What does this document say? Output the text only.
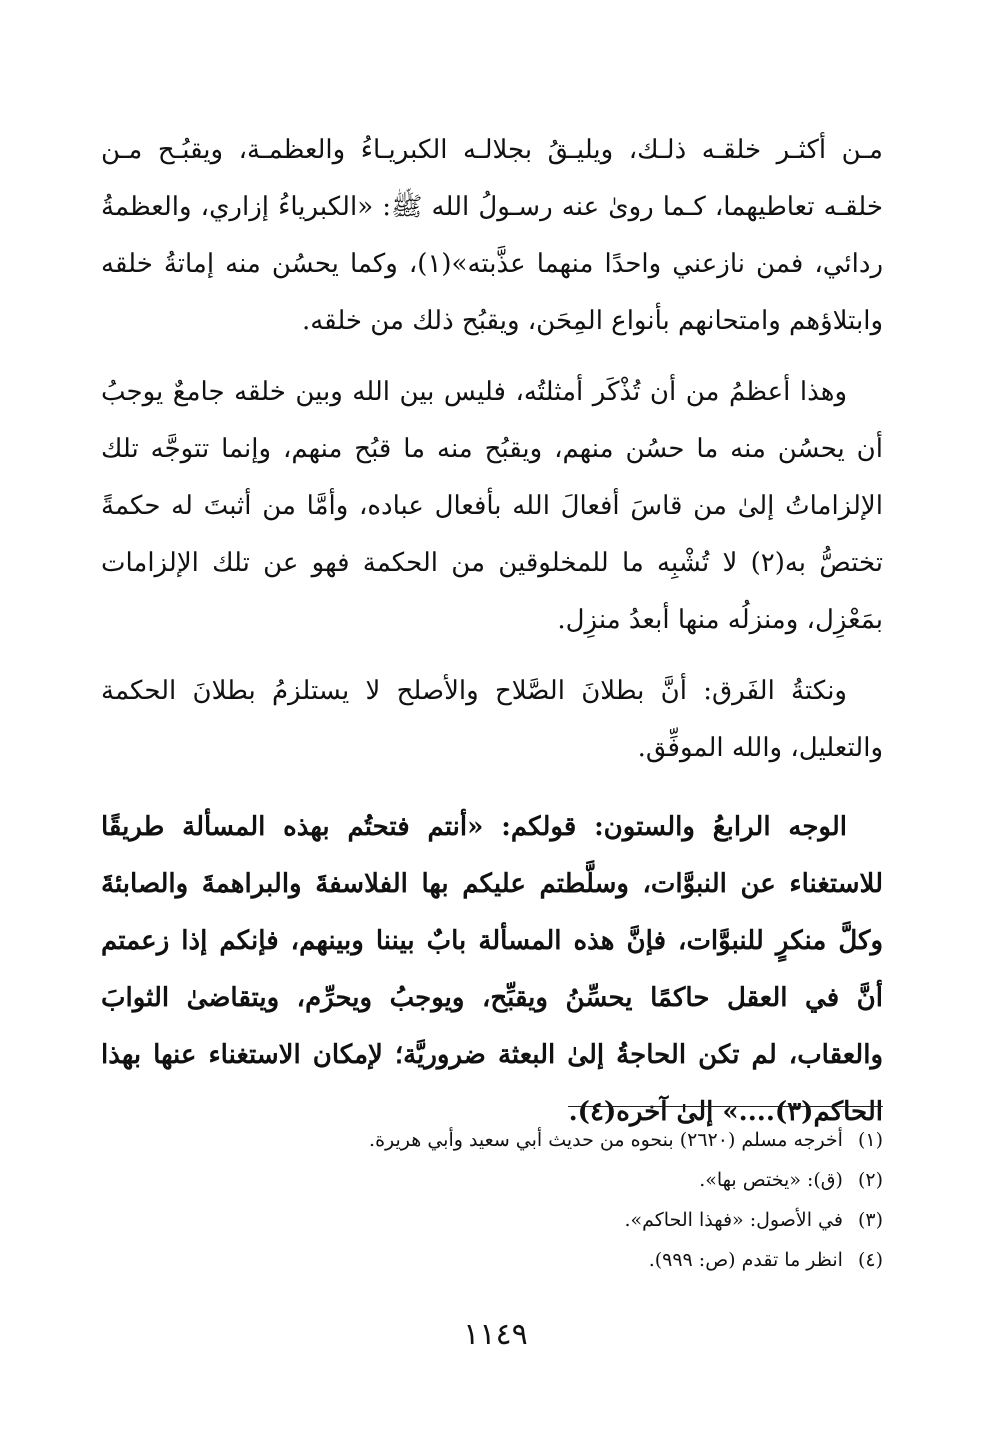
مـن أكثـر خلقـه ذلـك، ويليـقُ بجلالـه الكبريـاءُ والعظمـة، ويقبُـح مـن خلقـه تعاطيهما، كـما روىٰ عنه رسـولُ الله ﷺ: «الكبرياءُ إزاري، والعظمةُ ردائي، فمن نازعني واحدًا منهما عذَّبته»(١)، وكما يحسُن منه إماتةُ خلقه وابتلاؤهم وامتحانهم بأنواع المِحَن، ويقبُح ذلك من خلقه.

وهذا أعظمُ من أن تُذْكَر أمثلتُه، فليس بين الله وبين خلقه جامعٌ يوجبُ أن يحسُن منه ما حسُن منهم، ويقبُح منه ما قبُح منهم، وإنما تتوجَّه تلك الإلزاماتُ إلىٰ من قاسَ أفعالَ الله بأفعال عباده، وأمَّا من أثبتَ له حكمةً تختصُّ به(٢) لا تُشْبِه ما للمخلوقين من الحكمة فهو عن تلك الإلزامات بمَعْزِل، ومنزلُه منها أبعدُ منزِل.

ونكتةُ الفَرق: أنَّ بطلانَ الصَّلاح والأصلح لا يستلزمُ بطلانَ الحكمة والتعليل، والله الموفِّق.

الوجه الرابعُ والستون: قولكم: «أنتم فتحتُم بهذه المسألة طريقًا للاستغناء عن النبوَّات، وسلَّطتم عليكم بها الفلاسفةَ والبراهمةَ والصابئةَ وكلَّ منكرٍ للنبوَّات، فإنَّ هذه المسألة بابٌ بيننا وبينهم، فإنكم إذا زعمتم أنَّ في العقل حاكمًا يحسِّنُ ويقبِّح، ويوجبُ ويحرِّم، ويتقاضىٰ الثوابَ والعقاب، لم تكن الحاجةُ إلىٰ البعثة ضروريَّة؛ لإمكان الاستغناء عنها بهذا الحاكم(٣)....» إلىٰ آخره(٤).

(١) أخرجه مسلم (٢٦٢٠) بنحوه من حديث أبي سعيد وأبي هريرة.

(٢) (ق): «يختص بها».

(٣) في الأصول: «فهذا الحاكم».

(٤) انظر ما تقدم (ص: ٩٩٩).

١١٤٩
